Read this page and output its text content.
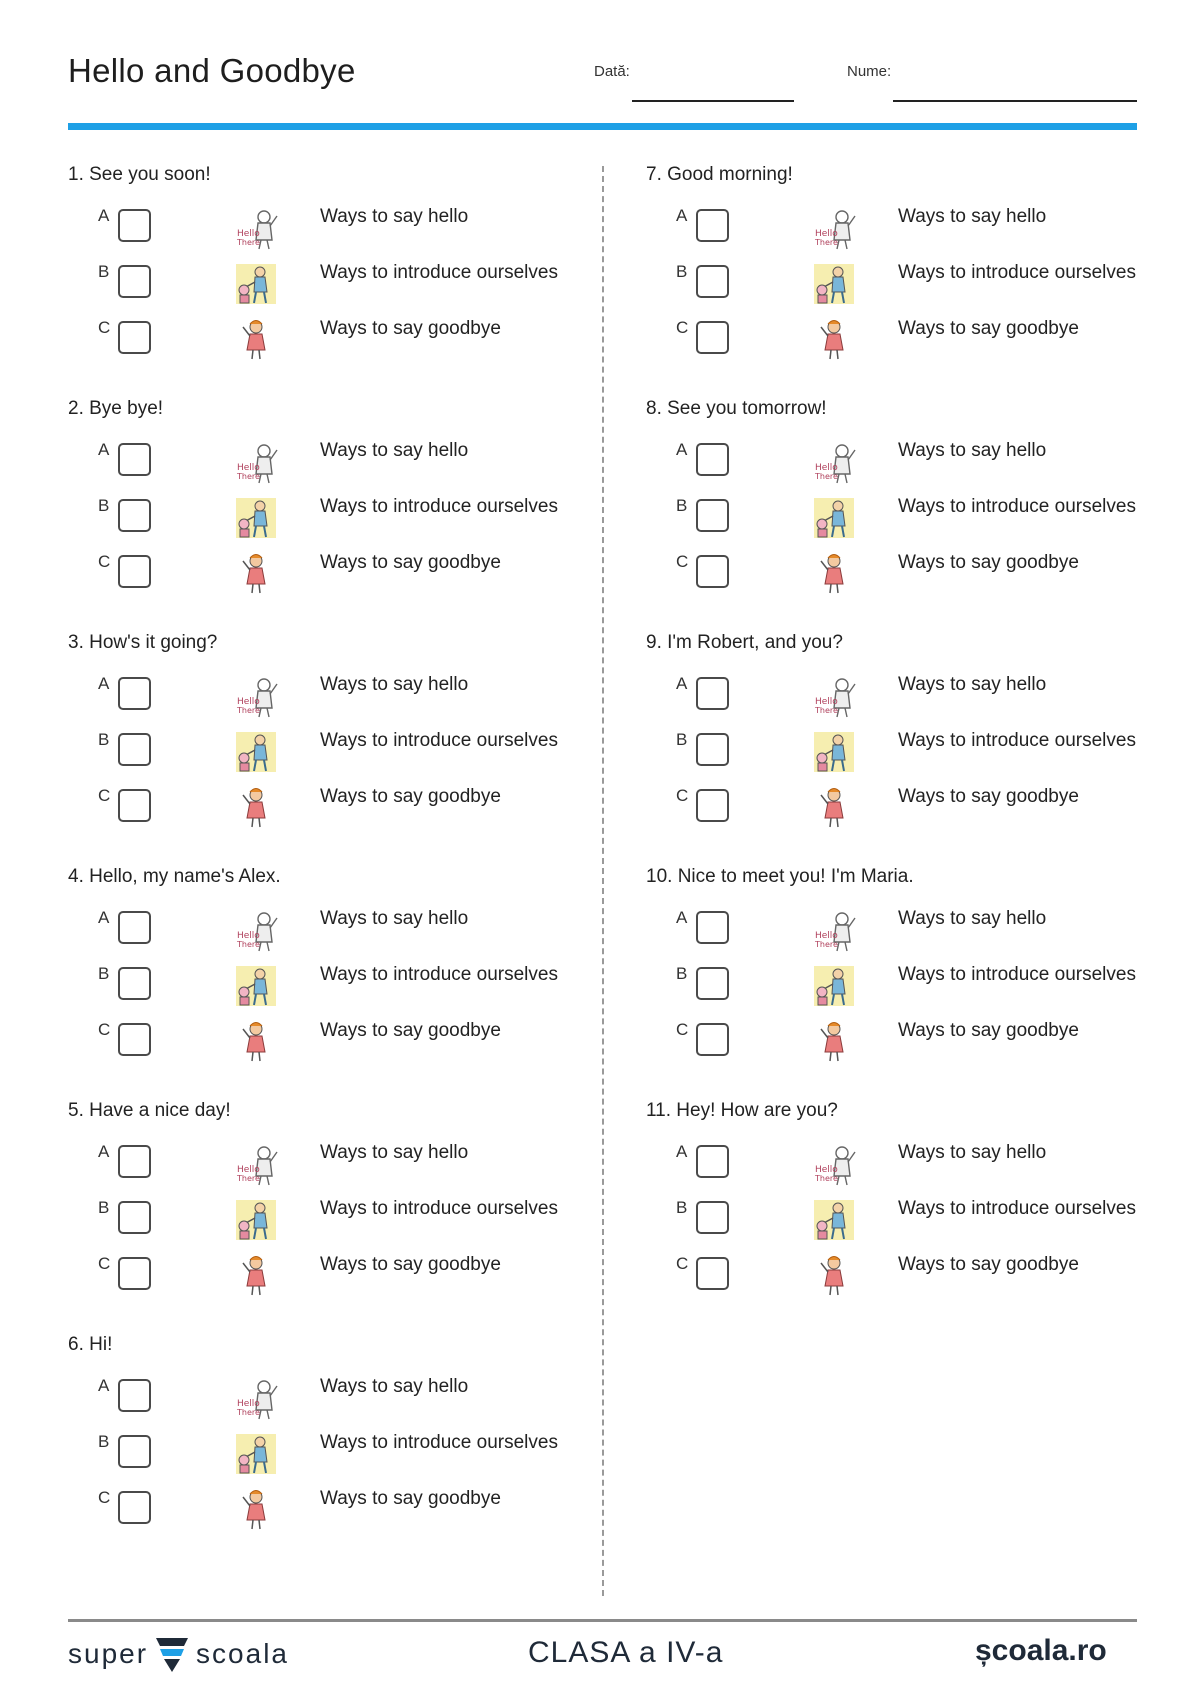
Hello and Goodbye	Dată:	Nume:
1. See you soon!
A
Hello
There
Ways to say hello
B	Ways to introduce ourselves
C	Ways to say goodbye
2. Bye bye!
A
Hello
There
Ways to say hello
B	Ways to introduce ourselves
C	Ways to say goodbye
3. How's it going?
A
Hello
There
Ways to say hello
B	Ways to introduce ourselves
C	Ways to say goodbye
4. Hello, my name's Alex.
A
Hello
There
Ways to say hello
B	Ways to introduce ourselves
C	Ways to say goodbye
5. Have a nice day!
A
Hello
There
Ways to say hello
B	Ways to introduce ourselves
C	Ways to say goodbye
6. Hi!
A
Hello
There
Ways to say hello
B	Ways to introduce ourselves
C	Ways to say goodbye
7. Good morning!
A
Hello
There
Ways to say hello
B	Ways to introduce ourselves
C	Ways to say goodbye
8. See you tomorrow!
A
Hello
There
Ways to say hello
B	Ways to introduce ourselves
C	Ways to say goodbye
9. I'm Robert, and you?
A
Hello
There
Ways to say hello
B	Ways to introduce ourselves
C	Ways to say goodbye
10. Nice to meet you! I'm Maria.
A
Hello
There
Ways to say hello
B	Ways to introduce ourselves
C	Ways to say goodbye
11. Hey! How are you?
A
Hello
There
Ways to say hello
B	Ways to introduce ourselves
C	Ways to say goodbye
super scoala	CLASA a IV-a	școala.ro
